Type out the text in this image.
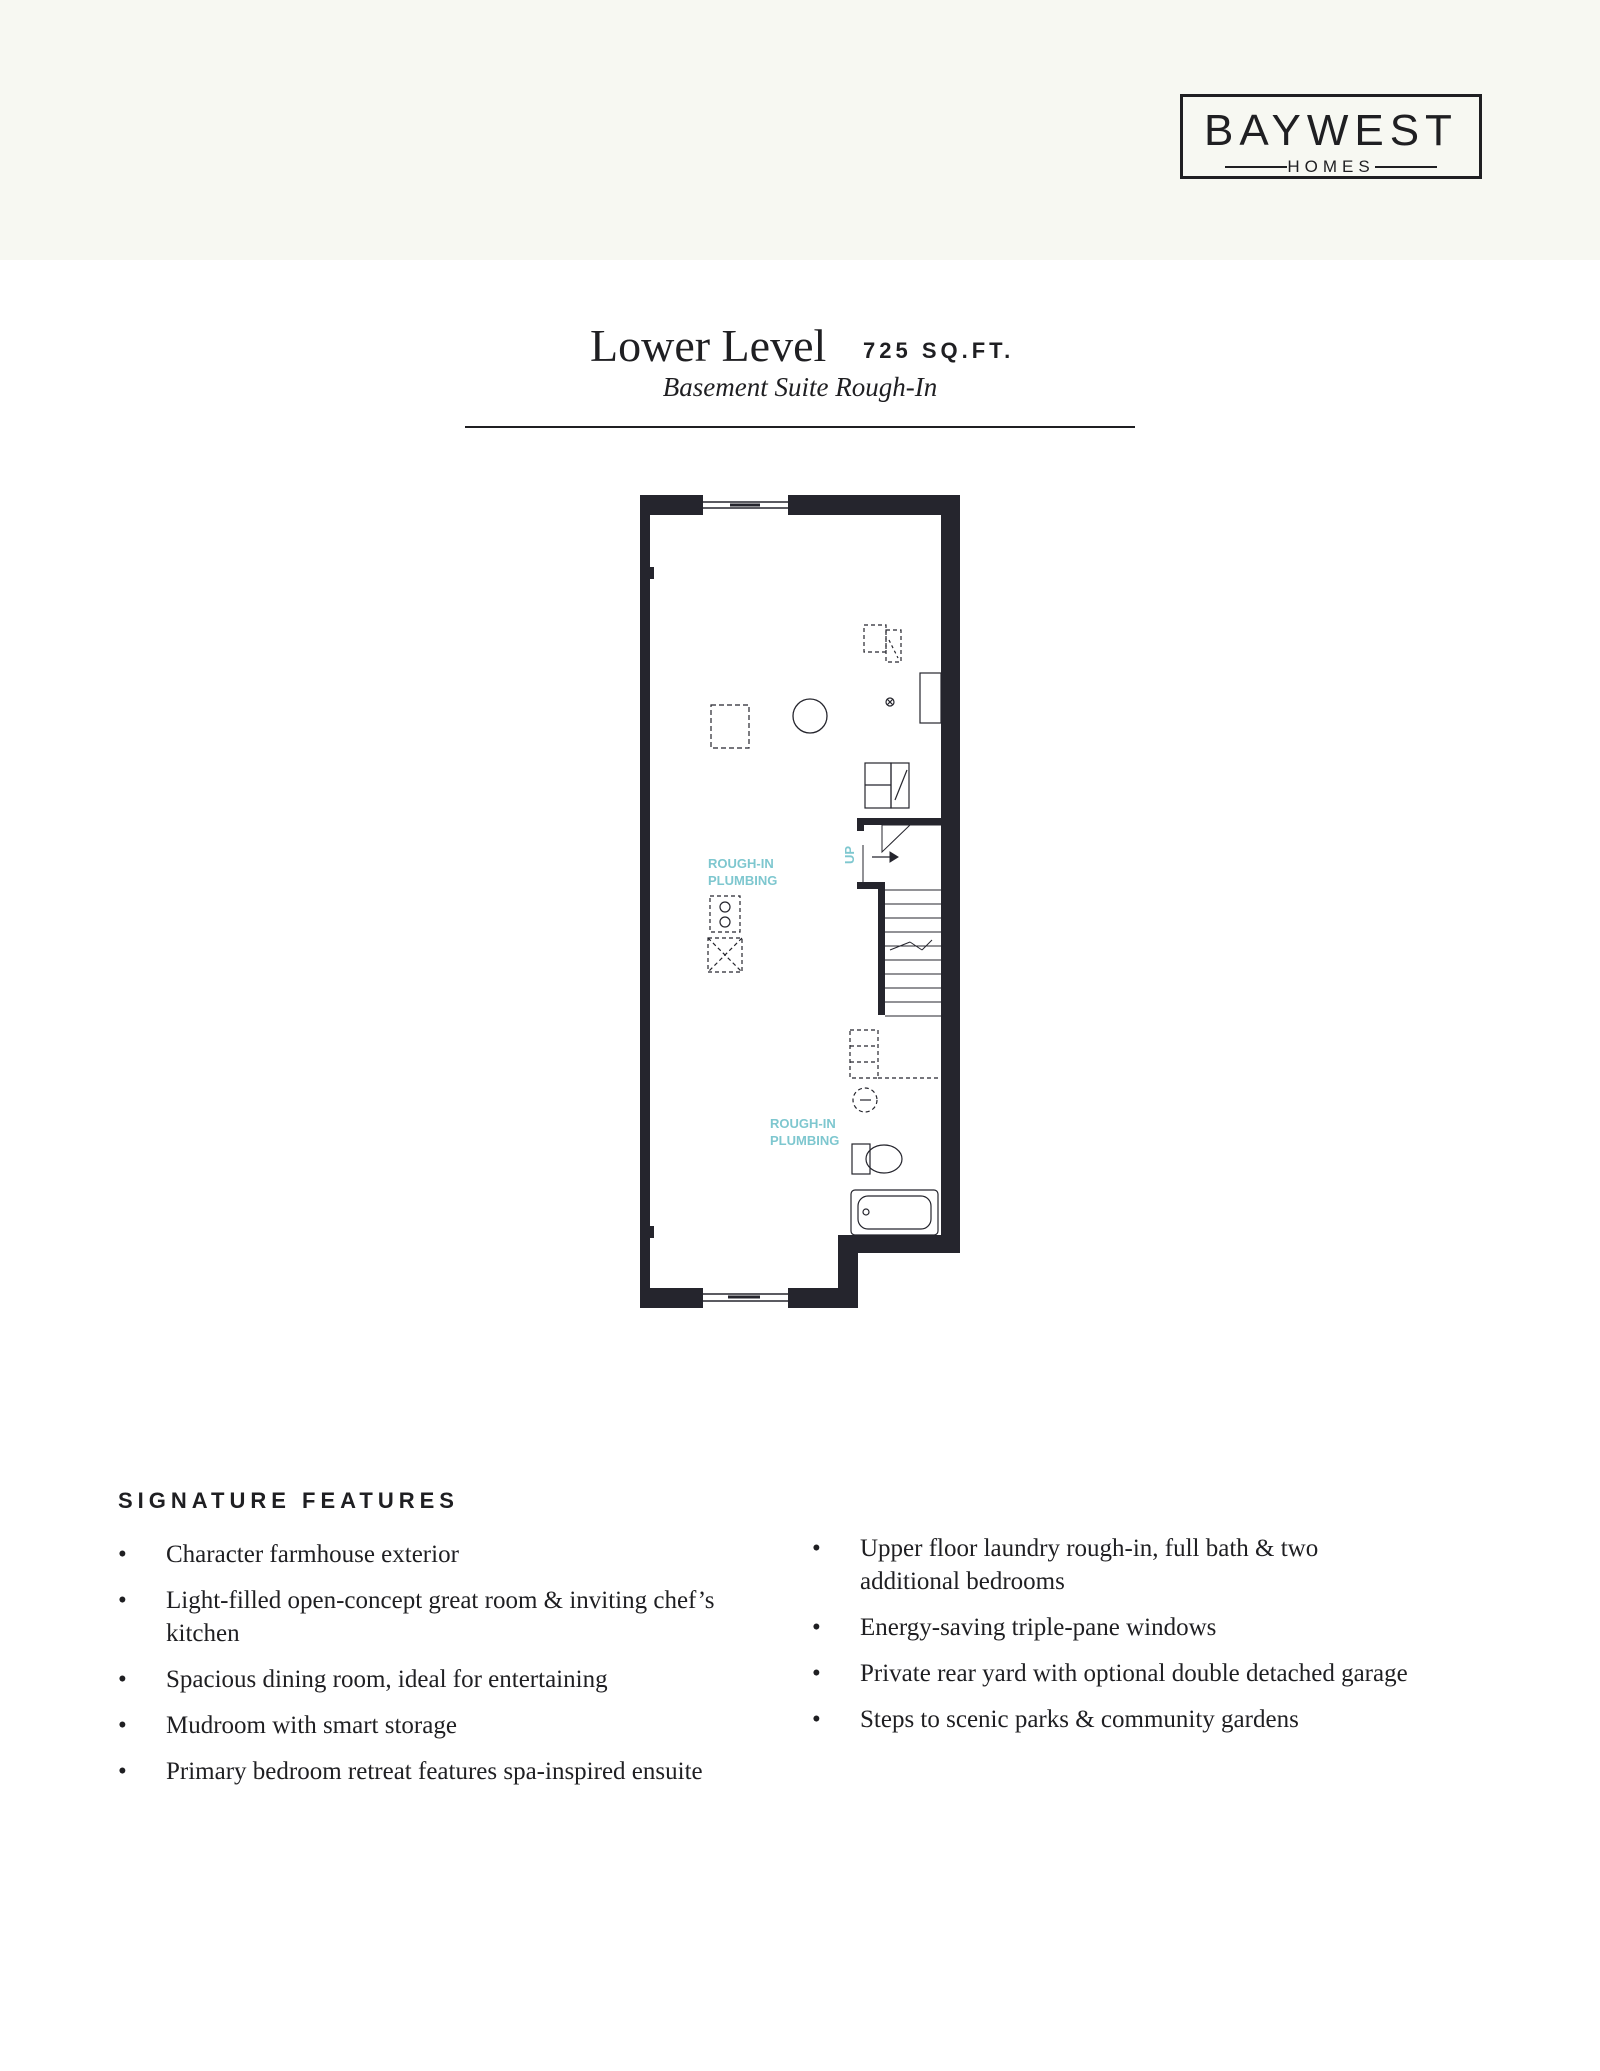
BAYWEST
HOMES
Lower Level 725 SQ.FT.
Basement Suite Rough-In
ROUGH-IN
PLUMBING
ROUGH-IN
PLUMBING
UP
SIGNATURE FEATURES
• Character farmhouse exterior
• Light-filled open-concept great room & inviting chef’s kitchen
• Spacious dining room, ideal for entertaining
• Mudroom with smart storage
• Primary bedroom retreat features spa-inspired ensuite
• Upper floor laundry rough-in, full bath & two additional bedrooms
• Energy-saving triple-pane windows
• Private rear yard with optional double detached garage
• Steps to scenic parks & community gardens
